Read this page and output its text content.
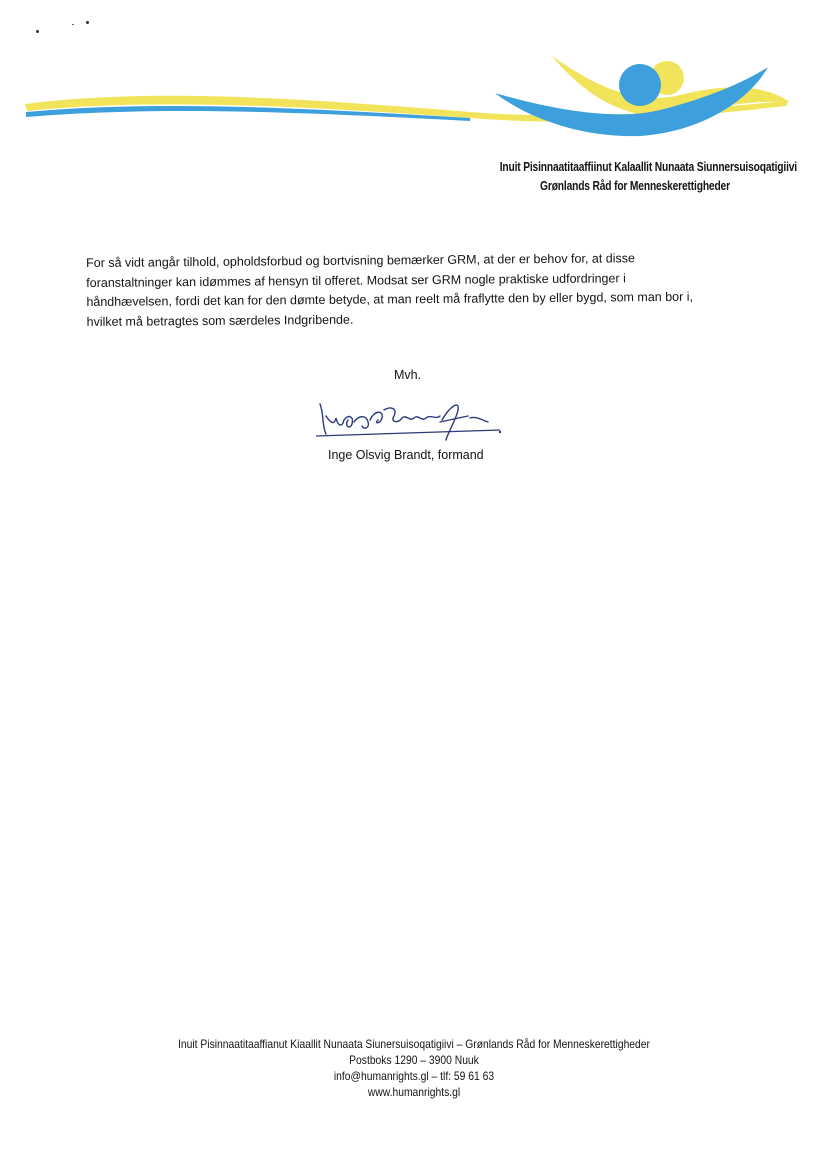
Inuit Pisinnaatitaaffiinut Kalaallit Nunaata Siunnersuisoqatigiivi
Grønlands Råd for Menneskerettigheder

For så vidt angår tilhold, opholdsforbud og bortvisning bemærker GRM, at der er behov for, at disse foranstaltninger kan idømmes af hensyn til offeret. Modsat ser GRM nogle praktiske udfordringer i håndhævelsen, fordi det kan for den dømte betyde, at man reelt må fraflytte den by eller bygd, som man bor i, hvilket må betragtes som særdeles Indgribende.

Mvh.
Inge Olsvig Brandt, formand
Inuit Pisinnaatitaaffianut Kiaallit Nunaata Siunersuisoqatigiivi – Grønlands Råd for Menneskerettigheder
Postboks 1290 – 3900 Nuuk
info@humanrights.gl – tlf: 59 61 63
www.humanrights.gl
